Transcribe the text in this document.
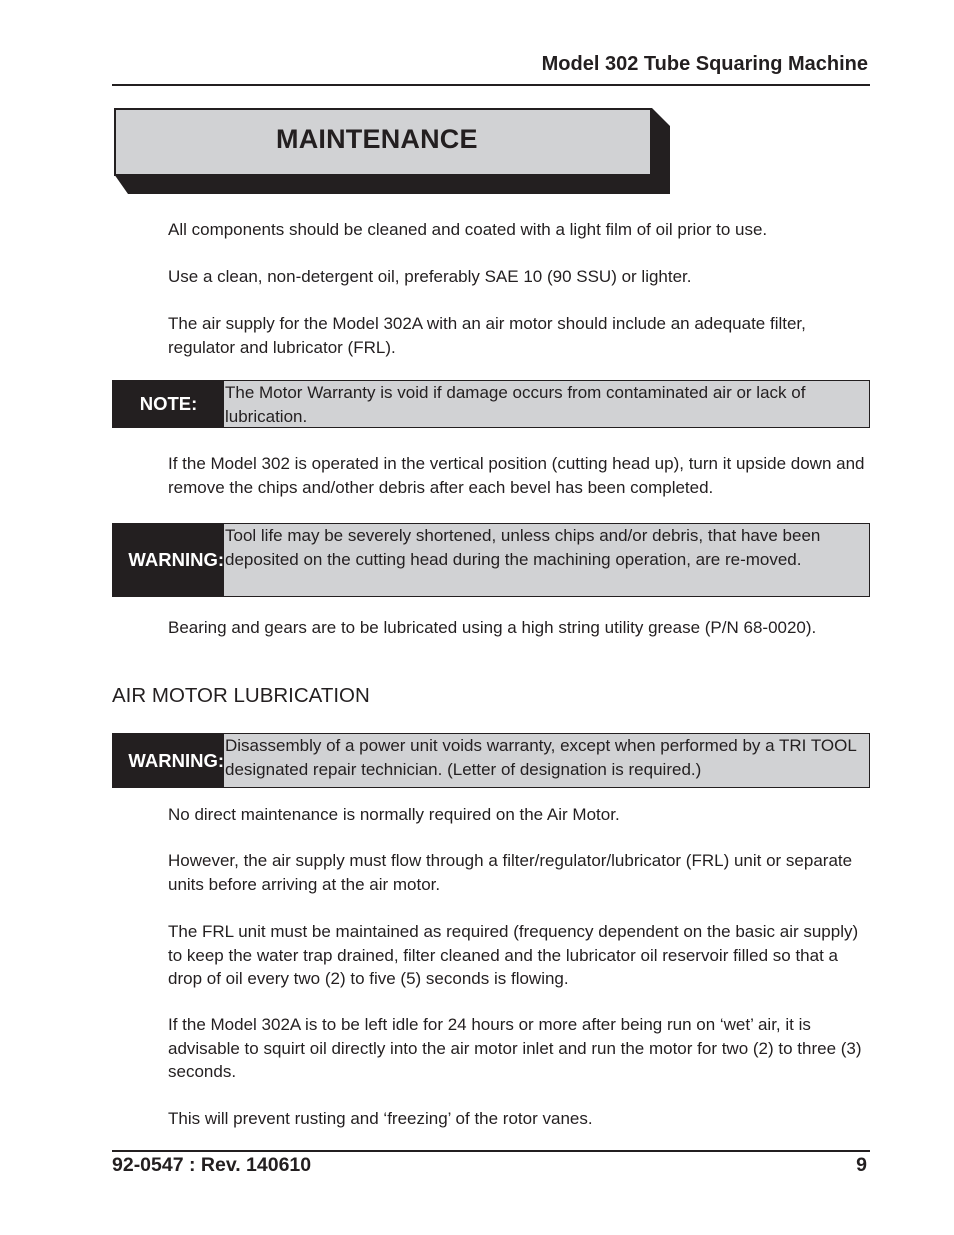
Model 302 Tube Squaring Machine
MAINTENANCE

All components should be cleaned and coated with a light film of oil prior to use.

Use a clean, non-detergent oil, preferably SAE 10 (90 SSU) or lighter.

The air supply for the Model 302A with an air motor should include an adequate filter, regulator and lubricator (FRL).

NOTE:
The Motor Warranty is void if damage occurs from contaminated air or lack of lubrication.

If the Model 302 is operated in the vertical position (cutting head up), turn it upside down and remove the chips and/other debris after each bevel has been completed.

WARNING:
Tool life may be severely shortened, unless chips and/or debris, that have been deposited on the cutting head during the machining operation, are re-moved.

Bearing and gears are to be lubricated using a high string utility grease (P/N 68-0020).

AIR MOTOR LUBRICATION

WARNING:
Disassembly of a power unit voids warranty, except when performed by a TRI TOOL designated repair technician. (Letter of designation is required.)

No direct maintenance is normally required on the Air Motor.

However, the air supply must flow through a filter/regulator/lubricator (FRL) unit or separate units before arriving at the air motor.

The FRL unit must be maintained as required (frequency dependent on the basic air supply) to keep the water trap drained, filter cleaned and the lubricator oil reservoir filled so that a drop of oil every two (2) to five (5) seconds is flowing.

If the Model 302A is to be left idle for 24 hours or more after being run on ‘wet’ air, it is advisable to squirt oil directly into the air motor inlet and run the motor for two (2) to three (3) seconds.

This will prevent rusting and ‘freezing’ of the rotor vanes.

92-0547 : Rev. 140610	9
